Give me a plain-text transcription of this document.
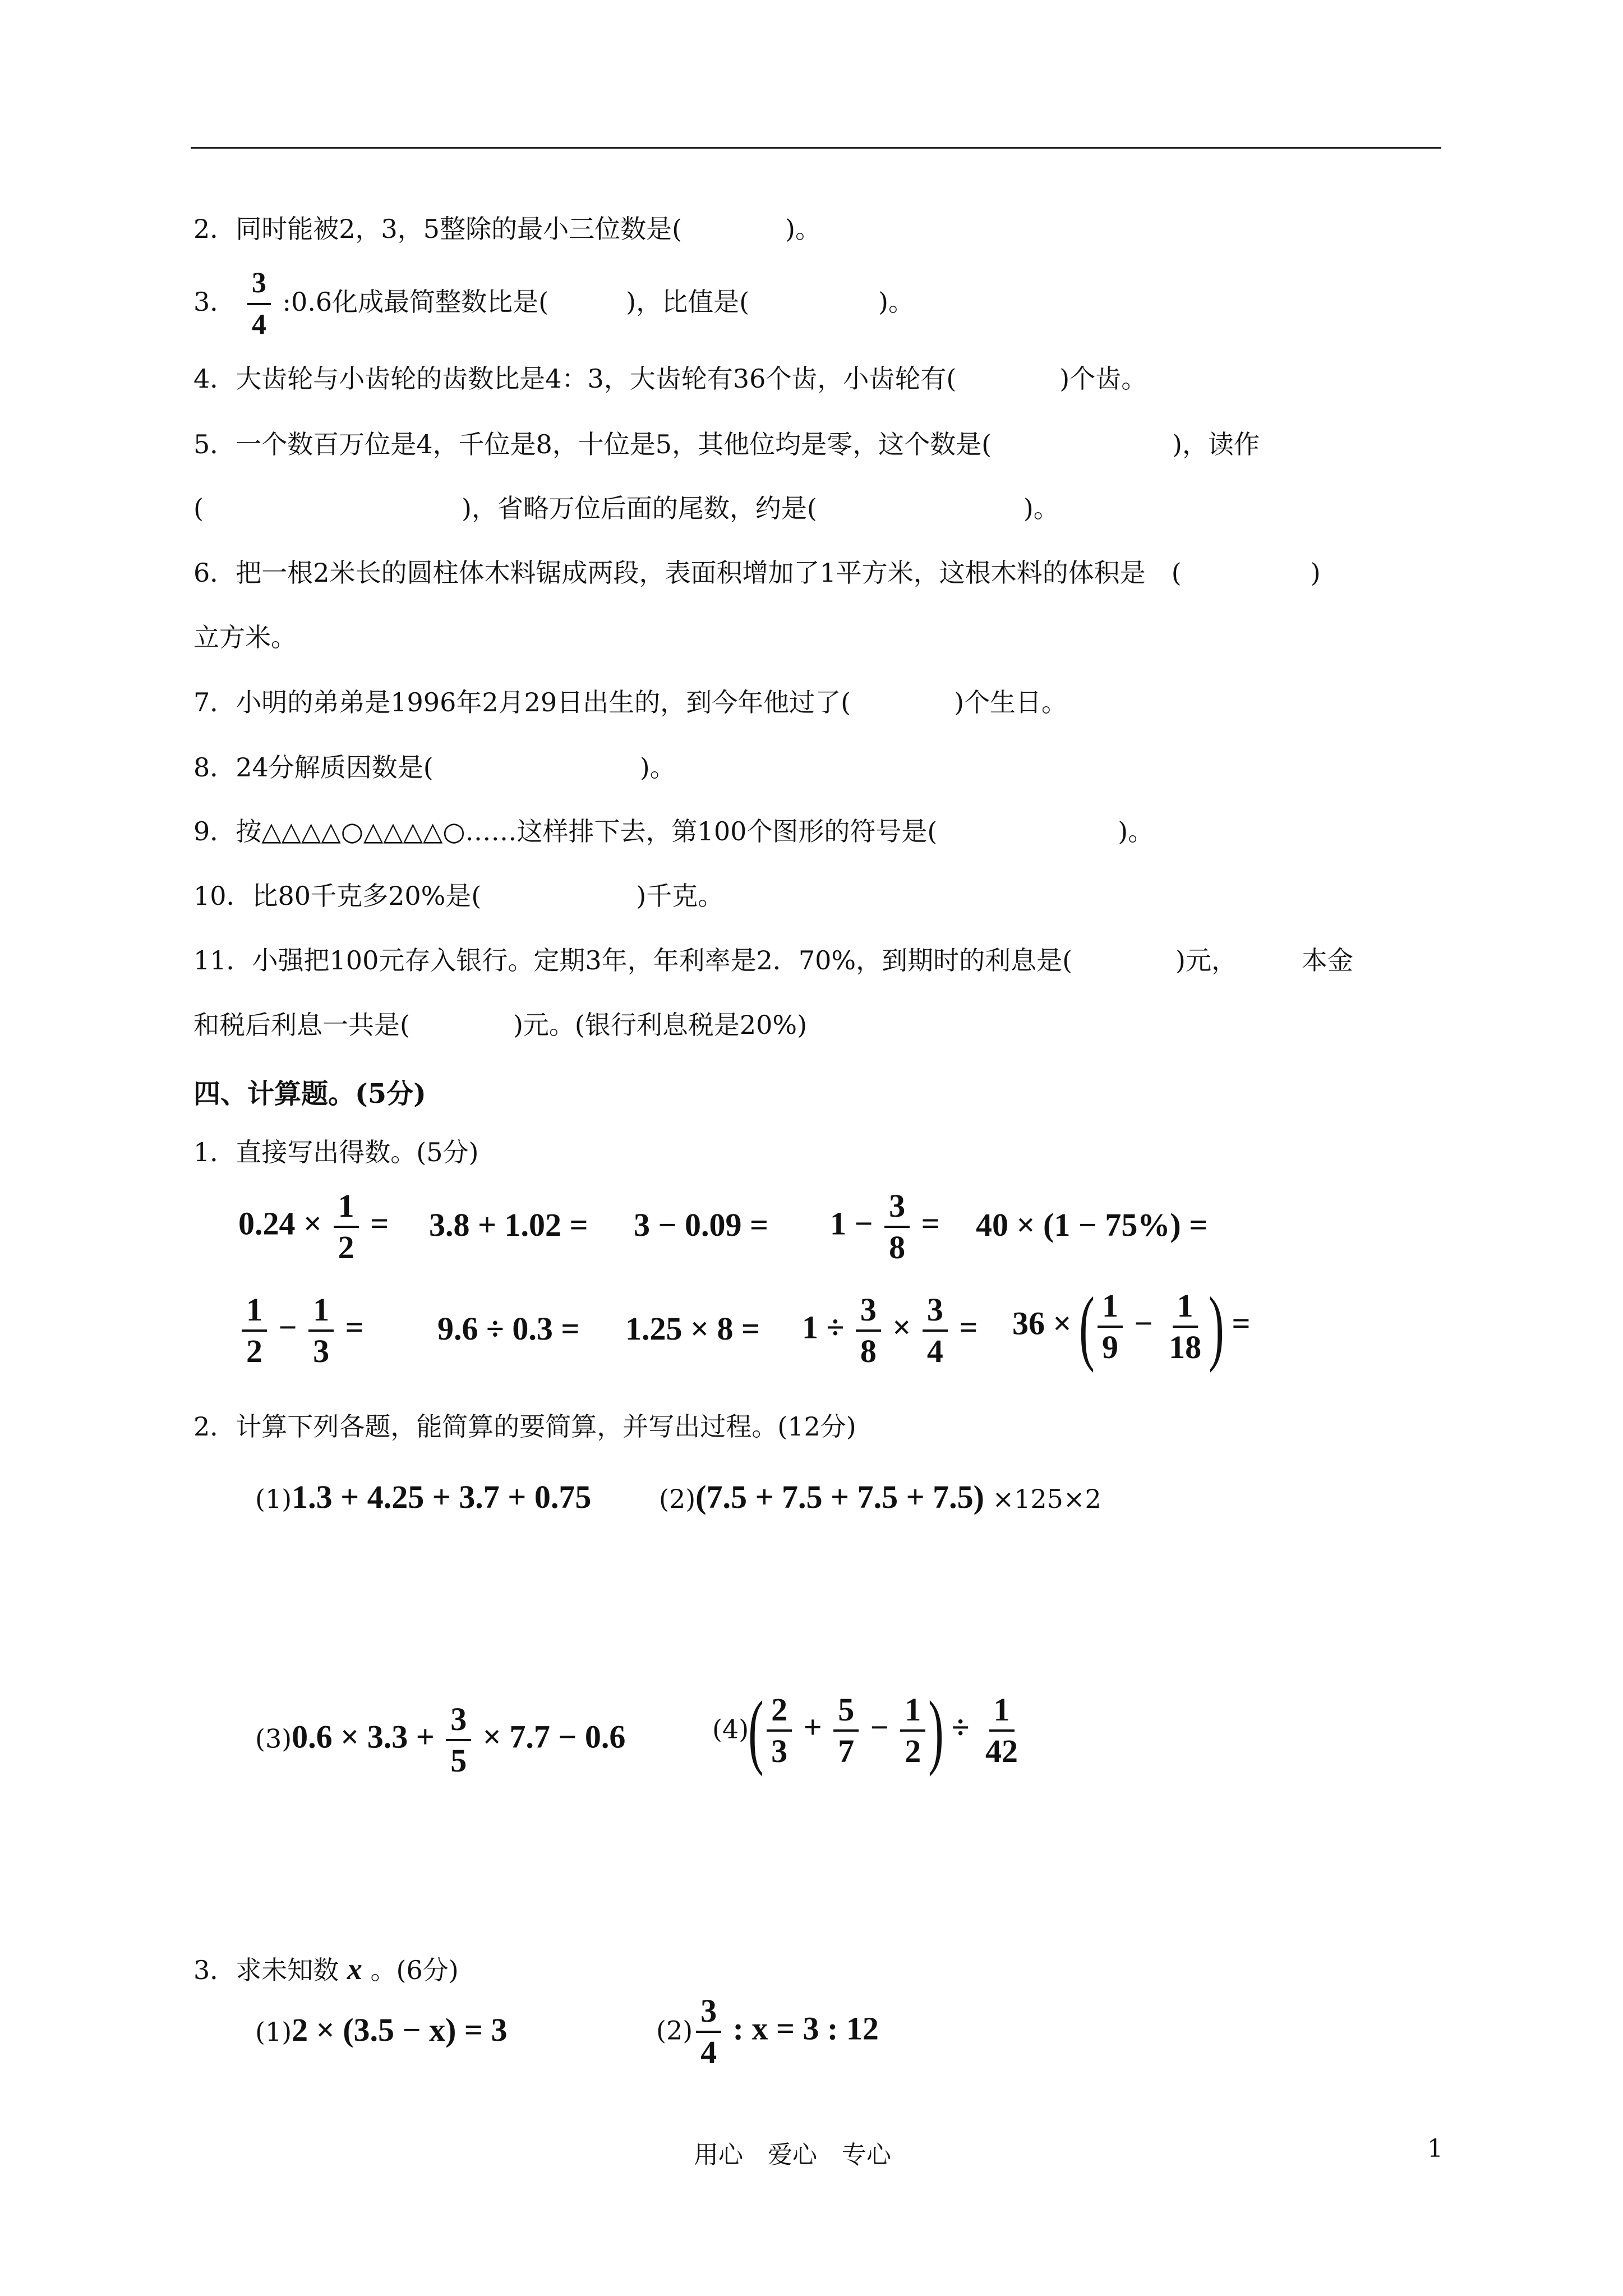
2．同时能被2，3，5整除的最小三位数是(　　　　)。
3． $\frac{3}{4}$ :0.6化成最简整数比是(　　　)，比值是(　　　　　)。
4．大齿轮与小齿轮的齿数比是4：3，大齿轮有36个齿，小齿轮有(　　　　)个齿。
5．一个数百万位是4，千位是8，十位是5，其他位均是零，这个数是(　　　　　　　)，读作
(　　　　　　　　　　)，省略万位后面的尾数，约是(　　　　　　　　)。
6．把一根2米长的圆柱体木料锯成两段，表面积增加了1平方米，这根木料的体积是　(　　　　　)
立方米。
7．小明的弟弟是1996年2月29日出生的，到今年他过了(　　　　)个生日。
8．24分解质因数是(　　　　　　　　)。
9．按△△△△○△△△△○……这样排下去，第100个图形的符号是(　　　　　　　)。
10．比80千克多20%是(　　　　　　)千克。
11．小强把100元存入银行。定期3年，年利率是2．70%，到期时的利息是(　　　　)元，　　　本金
和税后利息一共是(　　　　)元。(银行利息税是20%)
四、计算题。(5分)
1．直接写出得数。(5分)
$0.24 \times \frac{1}{2} = 3.8 + 1.02 = 3 - 0.09 = 1 - \frac{3}{8} = 40 \times (1 - 75\%)$ =
$\frac{1}{2} - \frac{1}{3} = 9.6 \div 0.3 = 1.25 \times 8 = 1 \div \frac{3}{8} \times \frac{3}{4} = 36$ × ( $\frac{1}{9} - \frac{1}{18}$ ) =
2．计算下列各题，能简算的要简算，并写出过程。(12分)
(1)1.3 + 4.25 + 3.7 + 0.75	(2)(7.5 + 7.5 + 7.5 + 7.5) ×125×2
$(3)0.6 \times 3.3 + \frac{3}{5} \times 7.7 - 0.6$	$(4)( \frac{2}{3} + \frac{5}{7} - \frac{1}{2}$ ) ÷ $\frac{1}{42}$
3．求未知数 x 。(6分)
(1)2 × (3.5 − x) = 3	$(2) \frac{3}{4}$ : x = 3 : 12
用心　爱心　专心	1
